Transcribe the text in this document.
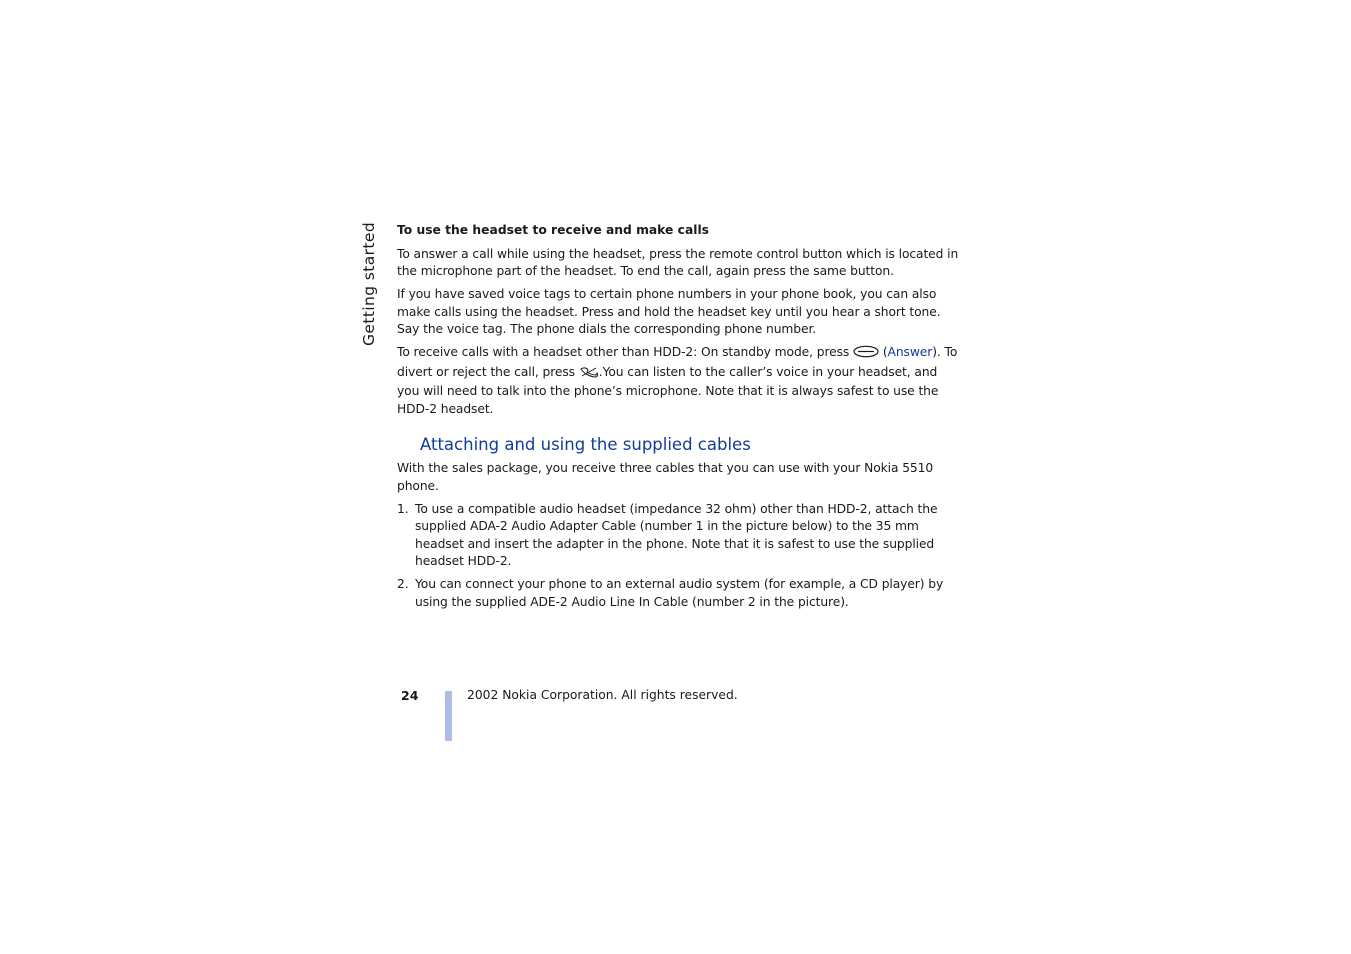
Getting started To use the headset to receive and make calls

To answer a call while using the headset, press the remote control button which is located in the microphone part of the headset. To end the call, again press the same button.

If you have saved voice tags to certain phone numbers in your phone book, you can also make calls using the headset. Press and hold the headset key until you hear a short tone. Say the voice tag. The phone dials the corresponding phone number.

To receive calls with a headset other than HDD-2: On standby mode, press  (Answer). To divert or reject the call, press .You can listen to the caller’s voice in your headset, and you will need to talk into the phone’s microphone. Note that it is always safest to use the HDD-2 headset.

Attaching and using the supplied cables

With the sales package, you receive three cables that you can use with your Nokia 5510 phone.

1. To use a compatible audio headset (impedance 32 ohm) other than HDD-2, attach the supplied ADA-2 Audio Adapter Cable (number 1 in the picture below) to the 35 mm headset and insert the adapter in the phone. Note that it is safest to use the supplied headset HDD-2.
2. You can connect your phone to an external audio system (for example, a CD player) by using the supplied ADE-2 Audio Line In Cable (number 2 in the picture).
24	2002 Nokia Corporation. All rights reserved.
